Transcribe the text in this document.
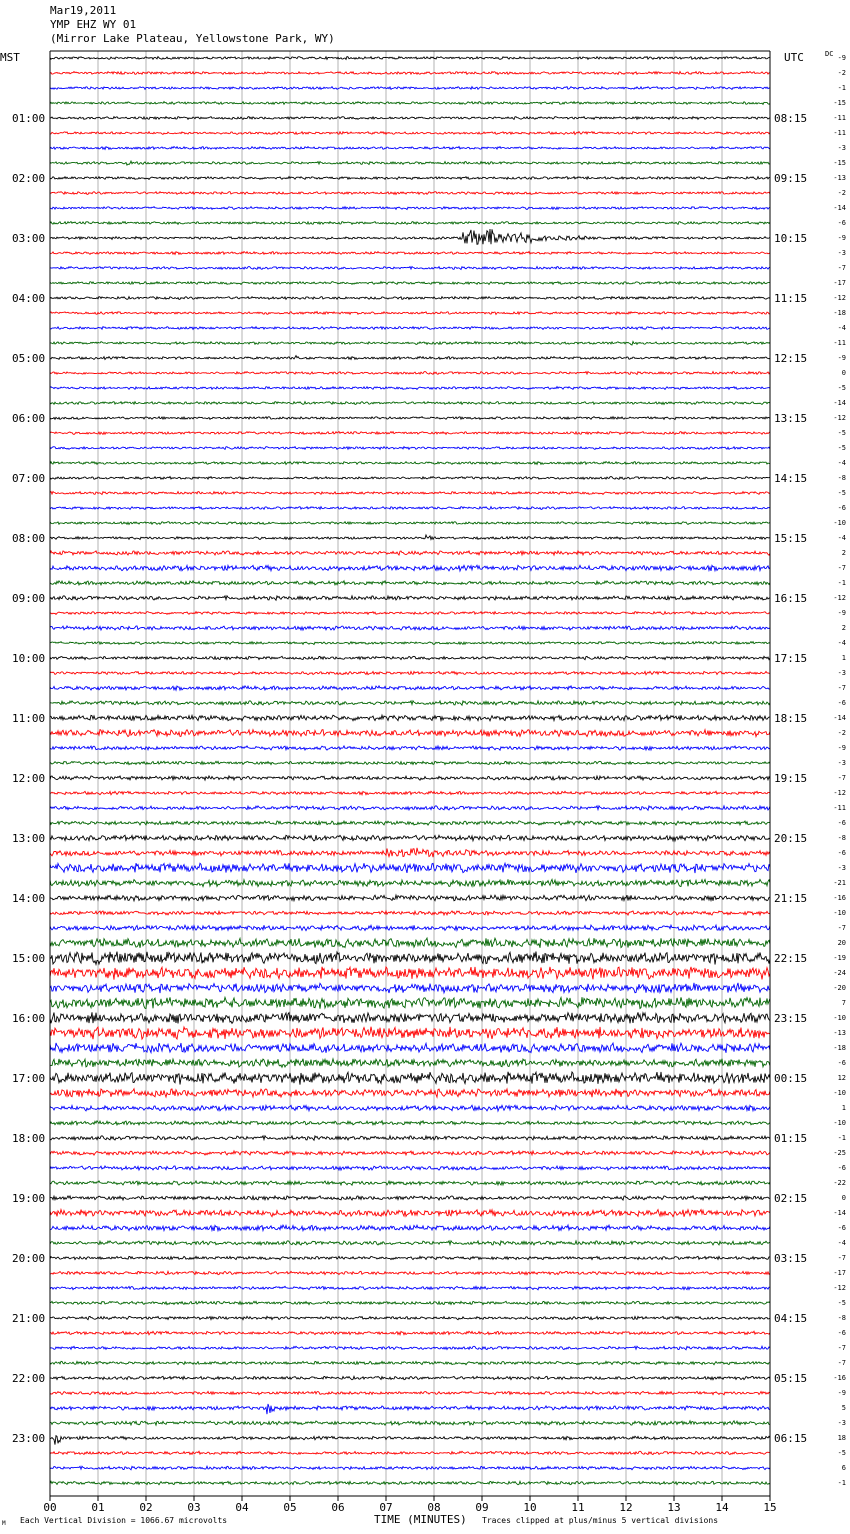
Mar19,2011
YMP EHZ WY 01
(Mirror Lake Plateau, Yellowstone Park, WY)
MST	UTC	DC
TIME (MINUTES)
Each Vertical Division = 1066.67 microvolts	Traces clipped at plus/minus 5 vertical divisions
M
00	01	02	03	04	05	06	07	08	09	10	11	12	13	14	15
01:00
02:00
03:00
04:00
05:00
06:00
07:00
08:00
09:00
10:00
11:00
12:00
13:00
14:00
15:00
16:00
17:00
18:00
19:00
20:00
21:00
22:00
23:00
08:15
09:15
10:15
11:15
12:15
13:15
14:15
15:15
16:15
17:15
18:15
19:15
20:15
21:15
22:15
23:15
00:15
01:15
02:15
03:15
04:15
05:15
06:15
-9
-2
-1
-15
-11
-11
-3
-15
-13
-2
-14
-6
-9
-3
-7
-17
-12
-18
-4
-11
-9
0
-5
-14
-12
-5
-5
-4
-8
-5
-6
-10
-4
2
-7
-1
-12
-9
2
-4
1
-3
-7
-6
-14
-2
-9
-3
-7
-12
-11
-6
-8
-6
-3
-21
-16
-10
-7
20
-19
-24
-20
7
-10
-13
-18
-6
12
-10
1
-10
-1
-25
-6
-22
0
-14
-6
-4
-7
-17
-12
-5
-8
-6
-7
-7
-16
-9
5
-3
18
-5
6
-1
